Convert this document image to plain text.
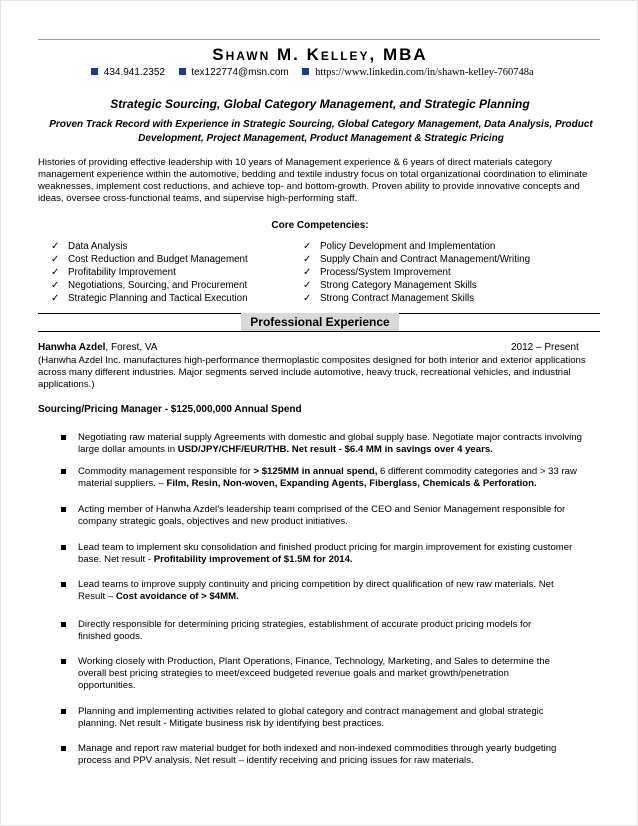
Shawn M. Kelley, MBA
434.941.2352	tex122774@msn.com	https://www.linkedin.com/in/shawn-kelley-760748a
Strategic Sourcing, Global Category Management, and Strategic Planning
Proven Track Record with Experience in Strategic Sourcing, Global Category Management, Data Analysis, Product Development, Project Management, Product Management & Strategic Pricing
Histories of providing effective leadership with 10 years of Management experience & 6 years of direct materials category management experience within the automotive, bedding and textile industry focus on total organizational coordination to eliminate weaknesses, implement cost reductions, and achieve top- and bottom-growth. Proven ability to provide innovative concepts and ideas, oversee cross-functional teams, and supervise high-performing staff.
Core Competencies:
✓ Data Analysis
✓ Cost Reduction and Budget Management
✓ Profitability Improvement
✓ Negotiations, Sourcing, and Procurement
✓ Strategic Planning and Tactical Execution
✓ Policy Development and Implementation
✓ Supply Chain and Contract Management/Writing
✓ Process/System Improvement
✓ Strong Category Management Skills
✓ Strong Contract Management Skills
Professional Experience
Hanwha Azdel, Forest, VA	2012 – Present
(Hanwha Azdel Inc. manufactures high-performance thermoplastic composites designed for both interior and exterior applications across many different industries. Major segments served include automotive, heavy truck, recreational vehicles, and industrial applications.)
Sourcing/Pricing Manager - $125,000,000 Annual Spend
Negotiating raw material supply Agreements with domestic and global supply base. Negotiate major contracts involving
large dollar amounts in USD/JPY/CHF/EUR/THB. Net result - $6.4 MM in savings over 4 years.
Commodity management responsible for > $125MM in annual spend, 6 different commodity categories and > 33 raw
material suppliers. – Film, Resin, Non-woven, Expanding Agents, Fiberglass, Chemicals & Perforation.
Acting member of Hanwha Azdel’s leadership team comprised of the CEO and Senior Management responsible for
company strategic goals, objectives and new product initiatives.
Lead team to implement sku consolidation and finished product pricing for margin improvement for existing customer
base. Net result - Profitability improvement of $1.5M for 2014.
Lead teams to improve supply continuity and pricing competition by direct qualification of new raw materials. Net
Result – Cost avoidance of > $4MM.
Directly responsible for determining pricing strategies, establishment of accurate product pricing models for
finished goods.
Working closely with Production, Plant Operations, Finance, Technology, Marketing, and Sales to determine the
overall best pricing strategies to meet/exceed budgeted revenue goals and market growth/penetration
opportunities.
Planning and implementing activities related to global category and contract management and global strategic
planning. Net result - Mitigate business risk by identifying best practices.
Manage and report raw material budget for both indexed and non-indexed commodities through yearly budgeting
process and PPV analysis. Net result – identify receiving and pricing issues for raw materials.
